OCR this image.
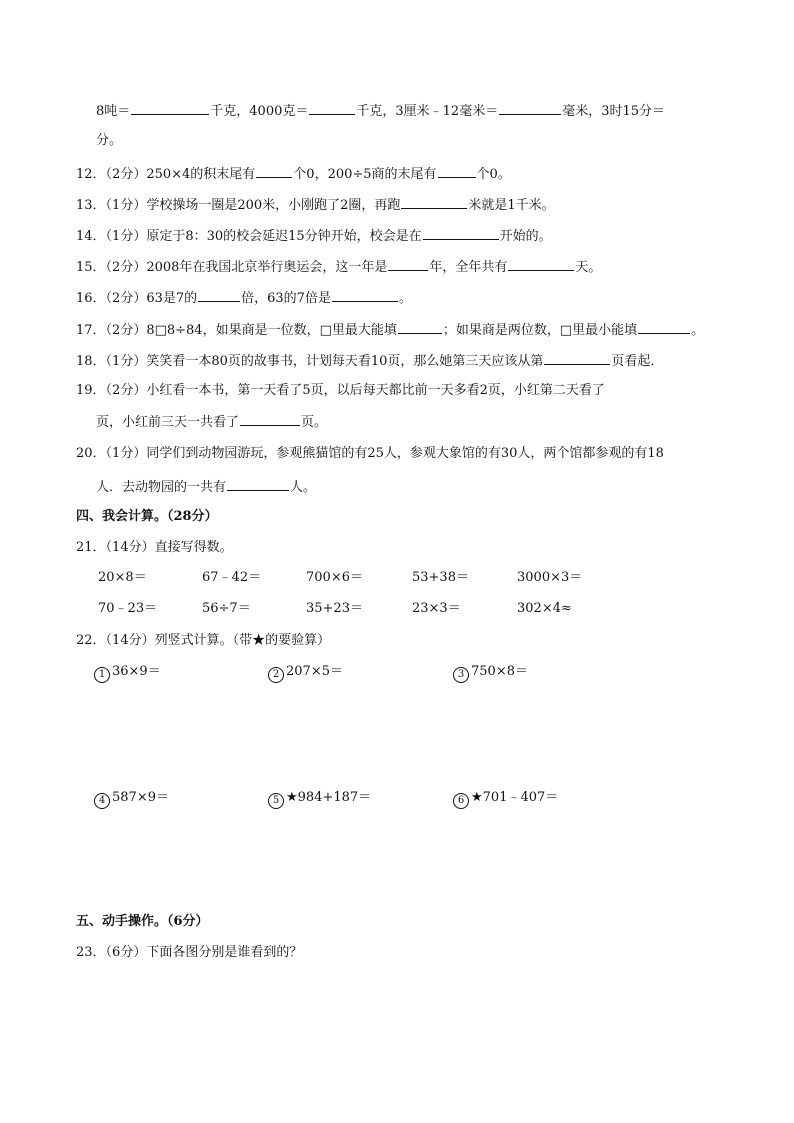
8吨＝	千克，4000克＝	千克，3厘米﹣12毫米＝	毫米，3时15分＝
分。
12．（2分）250×4的积末尾有	个0，200÷5商的末尾有	个0。
13．（1分）学校操场一圈是200米，小刚跑了2圈，再跑	米就是1千米。
14．（1分）原定于8：30的校会延迟15分钟开始，校会是在	开始的。
15．（2分）2008年在我国北京举行奥运会，这一年是	年，全年共有	天。
16．（2分）63是7的	倍，63的7倍是	。
17．（2分）8□8÷84，如果商是一位数，□里最大能填	；如果商是两位数，□里最小能填	。
18．（1分）笑笑看一本80页的故事书，计划每天看10页，那么她第三天应该从第	页看起．
19．（2分）小红看一本书，第一天看了5页，以后每天都比前一天多看2页，小红第二天看了
页，小红前三天一共看了	页。
20．（1分）同学们到动物园游玩，参观熊猫馆的有25人，参观大象馆的有30人，两个馆都参观的有18
人．去动物园的一共有	人。
四、我会计算。（28分）
21．（14分）直接写得数。
20×8＝	67﹣42＝	700×6＝	53+38＝	3000×3＝
70﹣23＝	56÷7＝	35+23＝	23×3＝	302×4≈
22．（14分）列竖式计算。（带★的要验算）
1 36×9＝	2 207×5＝	3 750×8＝
4 587×9＝	5 ★984+187＝	6 ★701﹣407＝
五、动手操作。（6分）
23．（6分）下面各图分别是谁看到的？
